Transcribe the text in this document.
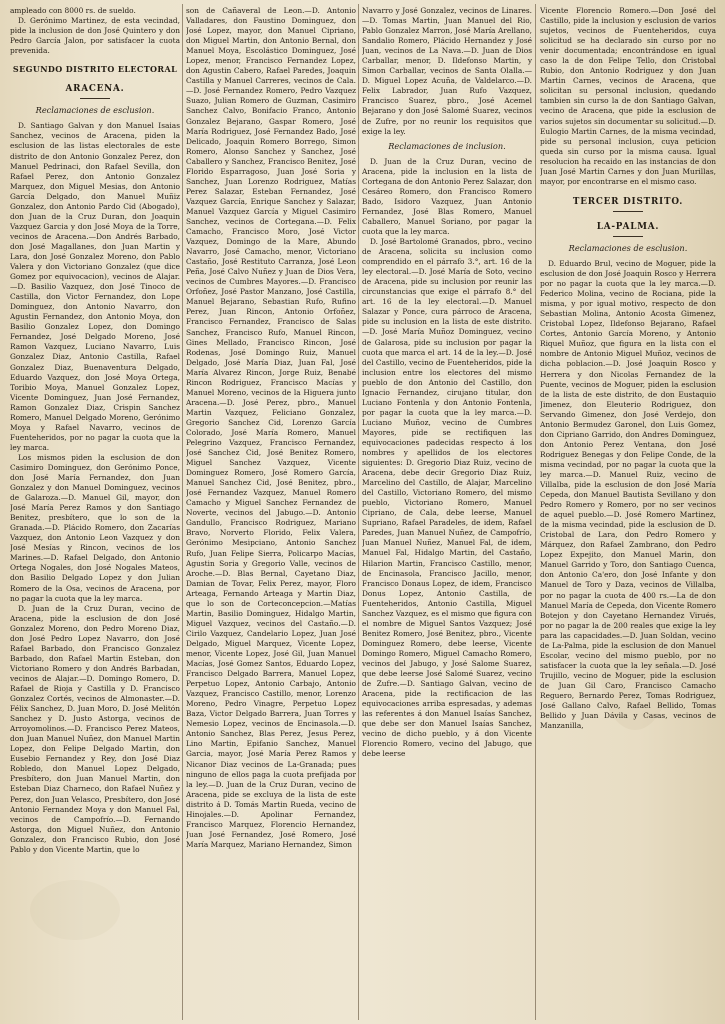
ampleado con 8000 rs. de sueldo.

D. Gerónimo Martinez, de esta vecindad, pide la inclusion de don José Quintero y don Pedro García Jalon, por satisfacer la cuota prevenida.

SEGUNDO DISTRITO ELECTORAL
ARACENA.
Reclamaciones de esclusion.

D. Santiago Galvan y don Manuel Isaias Sanchez, vecinos de Aracena, piden la esclusion de las listas electorales de este distrito de don Antonio Gonzalez Perez, don Manuel Pedrinaci, don Rafael Sevilla, don Rafael Perez, don Antonio Gonzalez Marquez, don Miguel Mesias, don Antonio García Delgado, don Manuel Muñiz Gonzalez, don Antonio Pardo Cid (Abogado), don Juan de la Cruz Duran, don Joaquin Vazquez Garcia y don José Moya de la Torre, vecinos de Aracena.—Don Andrés Barbado, don José Magallanes, don Juan Martin y Lara, don José Gonzalez Moreno, don Pablo Valera y don Victoriano Gonzalez (que dice Gomez por equivocacion), vecinos de Alajar.—D. Basilio Vazquez, don José Tinoco de Castilla, don Victor Fernandez, don Lope Dominguez, don Antonio Navarro, don Agustin Fernandez, don Antonio Moya, don Basilio Gonzalez Lopez, don Domingo Fernandez, José Delgado Moreno, José Ramon Vazquez, Luciano Navarro, Luis Gonzalez Diaz, Antonio Castilla, Rafael Gonzalez Diaz, Buenaventura Delgado, Eduardo Vazquez, don José Moya Ortega, Toribio Moya, Manuel Gonzalez Lopez, Vicente Dominguez, Juan José Fernandez, Ramon Gonzalez Diaz, Crispin Sanchez Romero, Manuel Delgado Moreno, Gerónimo Moya y Rafael Navarro, vecinos de Fuenteheridos, por no pagar la cuota que la ley marca.

Los mismos piden la esclusion de don Casimiro Dominguez, don Gerónimo Ponce, don José María Fernandez, don Juan Gonzalez y don Manuel Dominguez, vecinos de Galaroza.—D. Manuel Gil, mayor, don José María Perez Ramos y don Santiago Benitez, presbítero, que lo son de la Granada.—D. Plácido Romero, don Zacarías Vazquez, don Antonio Leon Vazquez y don José Mesías y Rincon, vecinos de los Marines.—D. Rafael Delgado, don Antonio Ortega Nogales, don José Nogales Mateos, don Basilio Delgado Lopez y don Julian Romero de la Osa, vecinos de Aracena, por no pagar la cuota que la ley marca.

D. Juan de la Cruz Duran, vecino de Aracena, pide la esclusion de don José Gonzalez Moreno, don Pedro Moreno Diaz, don José Pedro Lopez Navarro, don José Rafael Barbado, don Francisco Gonzalez Barbado, don Rafael Martin Esteban, don Victoriano Romero y don Andrés Barbadan, vecinos de Alajar.—D. Domingo Romero, D. Rafael de Rioja y Castilla y D. Francisco Gonzalez Cortés, vecinos de Almonaster.—D. Félix Sanchez, D. Juan Moro, D. José Melitón Sanchez y D. Justo Astorga, vecinos de Arroyomolinos.—D. Francisco Perez Mateos, don Juan Manuel Nuñez, don Manuel Martin Lopez, don Felipe Delgado Martin, don Eusebio Fernandez y Rey, don José Diaz Robledo, don Manuel Lopez Delgado, Presbítero, don Juan Manuel Martin, don Esteban Diaz Charneco, don Rafael Nuñez y Perez, don Juan Velasco, Presbítero, don José Antonio Fernandez Moya y don Manuel Fal, vecinos de Campofrío.—D. Fernando Astorga, don Miguel Nuñez, don Antonio Gonzalez, don Francisco Rubio, don José Pablo y don Vicente Martin, que lo

son de Cañaveral de Leon.—D. Antonio Valladares, don Faustino Dominguez, don José Lopez, mayor, don Manuel Cipriano, don Miguel Martin, don Antonio Bernal, don Manuel Moya, Escolástico Dominguez, José Lopez, menor, Francisco Fernandez Lopez, don Agustin Cabero, Rafael Paredes, Joaquin Castilla y Manuel Carreres, vecinos de Cala.—D. José Fernandez Romero, Pedro Vazquez Suazo, Julian Romero de Guzman, Casimiro Sanchez Calvo, Bonifacio Franco, Antonio Gonzalez Bejarano, Gaspar Romero, José María Rodriguez, José Fernandez Bado, José Delicado, Joaquin Romero Borrego, Simon Romero, Alonso Sanchez y Sanchez, José Caballero y Sanchez, Francisco Benitez, José Florido Esparragoso, Juan José Soria y Sanchez, Juan Lorenzo Rodriguez, Matías Perez Salazar, Esteban Fernandez, José Vazquez García, Enrique Sanchez y Salazar, Manuel Vazquez García y Miguel Casimiro Sanchez, vecinos de Cortegana.—D. Felix Camacho, Francisco Moro, José Victor Vazquez, Domingo de la Mare, Abundo Navarro, José Camacho, menor, Victoriano Castaño, José Restituto Carranza, José Leon Peña, José Calvo Nuñez y Juan de Dios Vera, vecinos de Cumbres Mayores.—D. Francisco Orfoñez, José Pastor Manzano, José Castilla, Manuel Bejarano, Sebastian Rufo, Rufino Perez, Juan Rincon, Antonio Orfoñez, Francisco Fernandez, Francisco de Salas Sanchez, Francisco Rufo, Manuel Rincon, Gines Mellado, Francisco Rincon, José Rodenas, José Domingo Ruiz, Manuel Delgado, José María Diaz, Juan Fal, José María Alvarez Rincon, Jorge Ruiz, Benabé Rincon Rodriguez, Francisco Macías y Manuel Moreno, vecinos de la Higuera junto Aracena.—D. José Perez, pbro., Manuel Martin Vazquez, Feliciano Gonzalez, Gregorio Sanchez Cid, Lorenzo García Colorado, José María Romero, Manuel Pelegrino Vazquez, Francisco Fernandez, José Sanchez Cid, José Benitez Romero, Miguel Sanchez Vazquez, Vicente Dominguez Romero, José Romero García, Manuel Sanchez Cid, José Benitez, pbro., José Fernandez Vazquez, Manuel Romero Camacho y Miguel Sanchez Fernandez de Noverte, vecinos del Jabugo.—D. Antonio Gandullo, Francisco Rodriguez, Mariano Bravo, Norverto Florido, Felix Valera, Gerónimo Mesipciano, Antonio Sanchez Rufo, Juan Felipe Sierra, Policarpo Macías, Agustin Soria y Gregorio Valle, vecinos de Aroche.—D. Blas Bernal, Cayetano Diaz, Damian de Tovar, Felix Perez, mayor, Floro Arteaga, Fernando Arteaga y Martin Diaz, que lo son de Corteconcepcion.—Matías Martin, Basilio Dominguez, Hidalgo Martin, Miguel Vazquez, vecinos del Castaño.—D. Cirilo Vazquez, Candelario Lopez, Juan José Delgado, Miguel Marquez, Vicente Lopez, menor, Vicente Lopez, José Gil, Juan Manuel Macías, José Gomez Santos, Eduardo Lopez, Francisco Delgado Barrera, Manuel Lopez, Perpetuo Lopez, Antonio Carbajo, Antonio Vazquez, Francisco Castillo, menor, Lorenzo Moreno, Pedro Vinagre, Perpetuo Lopez Baza, Victor Delgado Barrera, Juan Torres y Nemesio Lopez, vecinos de Encinasola.—D. Antonio Sanchez, Blas Perez, Jesus Perez, Lino Martin, Epifanio Sanchez, Manuel Garcia, mayor, José María Perez Ramos y Nicanor Diaz vecinos de La-Granada; pues ninguno de ellos paga la cuota prefijada por la ley.—D. Juan de la Cruz Duran, vecino de Aracena, pide se excluya de la lista de este distrito á D. Tomás Martin Rueda, vecino de Hinojales.—D. Apolinar Fernandez, Francisco Marquez, Florencio Hernandez, Juan José Fernandez, José Romero, José María Marquez, Mariano Hernandez, Simon

Navarro y José Gonzalez, vecinos de Linares.—D. Tomas Martin, Juan Manuel del Rio, Pablo Gonzalez Marron, José María Arellano, Sandalio Romero, Plácido Hernandez y José Juan, vecinos de La Nava.—D. Juan de Dios Carballar, menor, D. Ildefonso Martin, y Simon Carballar, vecinos de Santa Olalla.—D. Miguel Lopez Acuña, de Valdelarco.—D. Felix Labrador, Juan Rufo Vazquez, Francisco Suarez, pbro., José Acemel Bejarano y don José Salomé Suarez, vecinos de Zufre, por no reunir los requisitos que exige la ley.

Reclamaciones de inclusion.

D. Juan de la Cruz Duran, vecino de Aracena, pide la inclusion en la lista de Cortegana de don Antonio Perez Salazar, don Cesáreo Romero, don Francisco Romero Bado, Isidoro Vazquez, Juan Antonio Fernandez, José Blas Romero, Manuel Caballero, Manuel Soriano, por pagar la cuota que la ley marca.

D. José Bartolomé Granados, pbro., vecino de Aracena, solicita su inclusion como comprendido en el párrafo 3.°, art. 16 de la ley electoral.—D. José María de Soto, vecino de Aracena, pide su inclusion por reunir las circunstancias que exige el párrafo 8.° del art. 16 de la ley electoral.—D. Manuel Salazar y Ponce, cura párroco de Aracena, pide su inclusion en la lista de este distrito.—D. José María Muñoz Dominguez, vecino de Galarosa, pide su inclusion por pagar la cuota que marca el art. 14 de la ley.—D. José del Castillo, vecino de Fuenteheridos, pide la inclusion entre los electores del mismo pueblo de don Antonio del Castillo, don Ignacio Fernandez, cirujano titular, don Luciano Fontenla y don Antonio Fontenla, por pagar la cuota que la ley marca.—D. Luciano Muñoz, vecino de Cumbres Mayores, pide se rectifiquen las equivocaciones padecidas respecto á los nombres y apellidos de los electores siguientes: D. Gregorio Diaz Ruiz, vecino de Aracena, debe decir Gregorio Diaz Ruiz, Marcelino del Castillo, de Alajar, Marcelino del Castillo, Victoriano Romero, del mismo pueblo, Victoriano Romero, Manuel Cipriano, de Cala, debe leerse, Manuel Supriano, Rafael Paradeles, de idem, Rafael Paredes, Juan Manuel Nuñez, de Campofrío, Juan Manuel Nuñez, Manuel Fal, de idem, Manuel Fal, Hidalgo Martin, del Castaño, Hilarion Martin, Francisco Castillo, menor, de Encinasola, Francisco Jacillo, menor, Francisco Donaus Lopez, de idem, Francisco Donus Lopez, Antonio Castilla, de Fuenteheridos, Antonio Castilla, Miguel Sanchez Vazquez, es el mismo que figura con el nombre de Miguel Santos Vazquez; José Benitez Romero, José Benitez, pbro., Vicente Dominguez Romero, debe leerse, Vicente Domingo Romero, Miguel Camacho Romero, vecinos del Jabugo, y José Salome Suarez, que debe leerse José Salomé Suarez, vecino de Zufre.—D. Santiago Galvan, vecino de Aracena, pide la rectificacion de las equivocaciones arriba espresadas, y ademas las referentes á don Manuel Isaías Sanchez, que debe ser don Manuel Isaías Sanchez, vecino de dicho pueblo, y á don Vicente Florencio Romero, vecino del Jabugo, que debe leerse

Vicente Florencio Romero.—Don José del Castillo, pide la inclusion y esclusion de varios sujetos, vecinos de Fuenteheridos, cuya solicitud se ha declarado sin curso por no venir documentada; encontrándose en igual caso la de don Felipe Tello, don Cristobal Rubio, don Antonio Rodriguez y don Juan Martin Carnes, vecinos de Aracena, que solicitan su personal inclusion, quedando tambien sin curso la de don Santiago Galvan, vecino de Aracena, que pide la esclusion de varios sujetos sin documentar su solicitud.—D. Eulogio Martin Carnes, de la misma vecindad, pide su personal inclusion, cuya peticion queda sin curso por la misma causa. Igual resolucion ha recaido en las instancias de don Juan José Martin Carnes y don Juan Murillas, mayor, por encontrarse en el mismo caso.

TERCER DISTRITO.
LA-PALMA.
Reclamaciones de esclusion.

D. Eduardo Brul, vecino de Moguer, pide la esclusion de don José Joaquin Rosco y Herrera por no pagar la cuota que la ley marca.—D. Federico Molina, vecino de Rociana, pide la misma, y por igual motivo, respecto de don Sebastian Molina, Antonio Acosta Gimenez, Cristobal Lopez, Ildefonso Bejarano, Rafael Cortes, Antonio García Moreno, y Antonio Riquel Muñoz, que figura en la lista con el nombre de Antonio Miguel Muñoz, vecinos de dicha poblacion.—D. José Joaquin Rosco y Herrera y don Nicolas Fernandez de la Puente, vecinos de Moguer, piden la esclusion de la lista de este distrito, de don Eustaquio Jimenez, don Eleuterio Rodriguez, don Servando Gimenez, don José Verdejo, don Antonio Bermudez Garonel, don Luis Gomez, don Cipriano Garrido, don Andres Dominguez, don Antonio Perez Ventana, don José Rodriguez Benegas y don Felipe Conde, de la misma vecindad, por no pagar la cuota que la ley marca.—D. Manuel Ruiz, vecino de Villalba, pide la esclusion de don José María Cepeda, don Manuel Bautista Sevillano y don Pedro Romero y Romero, por no ser vecinos de aquel pueblo.—D. José Romero Martinez, de la misma vecindad, pide la esclusion de D. Cristobal de Lara, don Pedro Romero y Márquez, don Rafael Zambrano, don Pedro Lopez Expejito, don Manuel Marin, don Manuel Garrido y Toro, don Santiago Cuenca, don Antonio Ca'ero, don José Infante y don Manuel de Toro y Daza, vecinos de Villalba, por no pagar la cuota de 400 rs.—La de don Manuel María de Cepeda, don Vicente Romero Botejon y don Cayetano Hernandez Virués, por no pagar la de 200 reales que exige la ley para las capacidades.—D. Juan Soldan, vecino de La-Palma, pide la esclusion de don Manuel Escolar, vecino del mismo pueblo, por no satisfacer la cuota que la ley señala.—D. José Trujillo, vecino de Moguer, pide la esclusion de Juan Gil Caro, Francisco Camacho Reguero, Bernardo Perez, Tomas Rodriguez, José Gallano Calvo, Rafael Bellido, Tomas Bellido y Juan Dávila y Casas, vecinos de Manzanilla,
